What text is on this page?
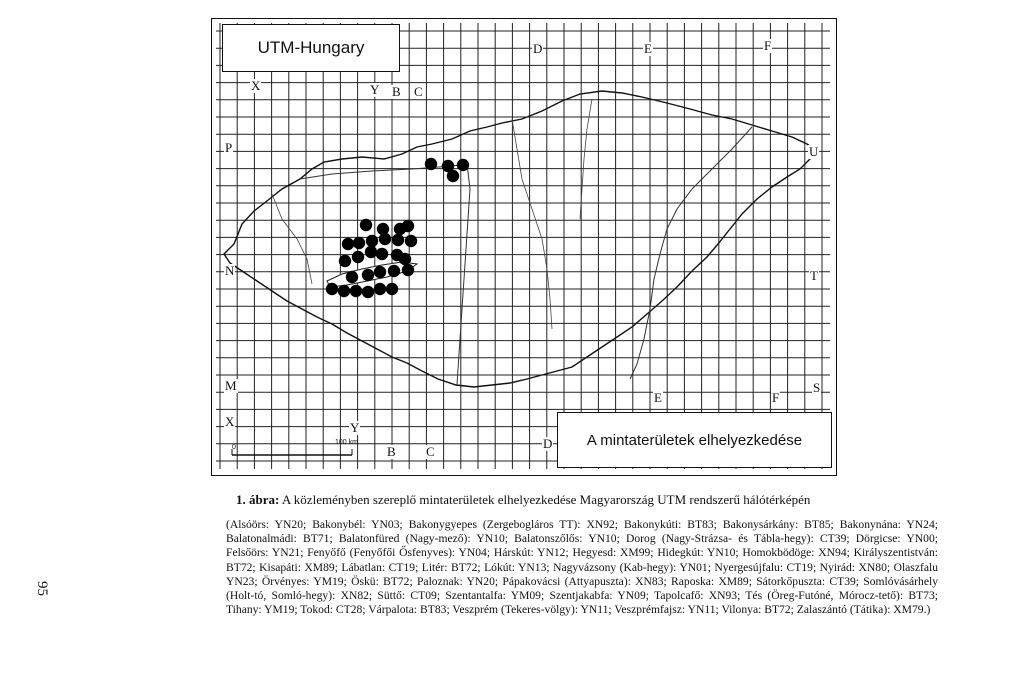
UTM-Hungary
A mintaterületek elhelyezkedése
0
100 km
D	E	F
X	Y B C
P	U
N	T
M	S
X	Y
B C
D
E	F
1. ábra: A közleményben szereplő mintaterületek elhelyezkedése Magyarország UTM rendszerű hálótérképén
(Alsóörs: YN20; Bakonybél: YN03; Bakonygyepes (Zergebogláros TT): XN92; Bakonykúti: BT83; Bakonysárkány: BT85; Bakonynána: YN24; Balatonalmádi: BT71; Balatonfüred (Nagy-mező): YN10; Balatonszőlős: YN10; Dorog (Nagy-Strázsa- és Tábla-hegy): CT39; Dörgicse: YN00; Felsőörs: YN21; Fenyőfő (Fenyőfői Ősfenyves): YN04; Hárskút: YN12; Hegyesd: XM99; Hidegkút: YN10; Homokbödöge: XN94; Királyszentistván: BT72; Kisapáti: XM89; Lábatlan: CT19; Litér: BT72; Lókút: YN13; Nagyvázsony (Kab-hegy): YN01; Nyergesújfalu: CT19; Nyirád: XN80; Olaszfalu YN23; Örvényes: YM19; Öskü: BT72; Paloznak: YN20; Pápakovácsi (Attyapuszta): XN83; Raposka: XM89; Sátorkőpuszta: CT39; Somlóvásárhely (Holt-tó, Somló-hegy): XN82; Süttő: CT09; Szentantalfa: YM09; Szentjakabfa: YN09; Tapolcafő: XN93; Tés (Öreg-Futóné, Mórocz-tető): BT73; Tihany: YM19; Tokod: CT28; Várpalota: BT83; Veszprém (Tekeres-völgy): YN11; Veszprémfajsz: YN11; Vilonya: BT72; Zalaszántó (Tátika): XM79.)
95
